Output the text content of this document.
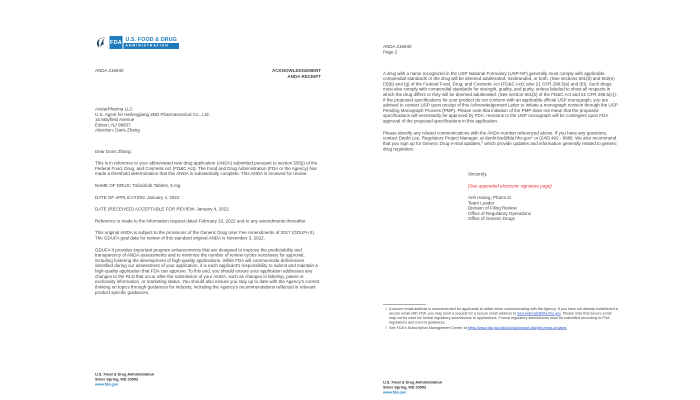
FDA U.S. FOOD & DRUG
ADMINISTRATION
ANDA 216940	ACKNOWLEDGEMENT
ANDA RECEIPT
AvstarPharma LLC
U.S. Agent for Heilongjiang ZBD Pharmaceutical Co., Ltd.
16 Mayfield Avenue
Edison, NJ 08837
Attention: Daris Zhang
Dear Doris Zhang:

This is in reference to your abbreviated new drug application (ANDA) submitted pursuant to section 505(j) of the Federal Food, Drug, and Cosmetic Act (FD&C Act). The Food and Drug Administration (FDA or the Agency) has made a threshold determination that this ANDA is substantially complete. This ANDA is received for review.

NAME OF DRUG: Tofacitinib Tablets, 5 mg
DATE OF APPLICATION: January 4, 2022
DATE (RECEIVED) ACCEPTABLE FOR REVIEW: January 4, 2022

Reference is made to the information request dated February 10, 2022 and to any amendments thereafter.

This original ANDA is subject to the provisions of the Generic Drug User Fee Amendments of 2017 (GDUFA II). The GDUFA goal date for review of this standard original ANDA is November 3, 2022.

GDUFA II provides important program enhancements that are designed to improve the predictability and transparency of ANDA assessments and to minimize the number of review cycles necessary for approval, including fostering the development of high-quality applications. While FDA will communicate deficiencies identified during our assessment of your application, it is each applicant's responsibility to submit and maintain a high-quality application that FDA can approve. To this end, you should ensure your application addresses any changes to the RLD that occur after the submission of your ANDA, such as changes in labeling, patent or exclusivity information, or marketing status. You should also ensure you stay up to date with the Agency's current thinking on topics through guidances for industry, including the Agency's recommendations reflected in relevant product specific guidances.

U.S. Food & Drug Administration
Silver Spring, MD 20993
www.fda.gov
ANDA 216940
Page 2

A drug with a name recognized in the USP National Formulary (USP-NF) generally must comply with applicable compendial standards or the drug will be deemed adulterated, misbranded, or both. (See sections 501(b) and 502(e)(3)(b) and (g) of the Federal Food, Drug, and Cosmetic Act (FD&C Act); also 21 CFR 299.5(a) and (b)). Such drugs must also comply with compendial standards for strength, quality, and purity, unless labeled to show all respects in which the drug differs or they will be deemed adulterated. (See section 501(b) of the FD&C Act and 21 CFR 299.5(c)). If the proposed specifications for your product do not conform with an applicable official USP monograph, you are advised to contact USP upon receipt of this Acknowledgement Letter to initiate a monograph revision through the USP Pending Monograph Process (PMP). Please note that initiation of the PMP does not mean that the proposed specifications will necessarily be approved by FDA; revisions to the USP monograph will be contingent upon FDA approval of the proposed specifications in this application.

Please identify any related communications with the ANDA number referenced above. If you have any questions, contact Danbi Lee, Regulatory Project Manager, at danbi.lee@fda.hhs.gov$^1$ or (240) 402 - 8986. We also recommend that you sign up for Generic Drug e-mail updates,$^2$ which provide updates and information generally related to generic drug regulation.

Sincerely,
(See appended electronic signature page)
Anh Hoang, Pharm.D.
Team Leader
Division of Filing Review
Office of Regulatory Operations
Office of Generic Drugs
1 A secure email address is recommended for applicants to utilize when communicating with the Agency. If you have not already established a secure email with FDA, you may send a request for a secure email address to SecureEmail@fda.hhs.gov. Please note that secure email may not be used for formal regulatory submissions to applications. Formal regulatory submissions must be submitted according to FDA regulations and current guidances.
2 See FDA's Subscription Management Center at https://www.fda.gov/about-fda/contact-fda/get-email-updates.
U.S. Food & Drug Administration
Silver Spring, MD 20993
www.fda.gov
